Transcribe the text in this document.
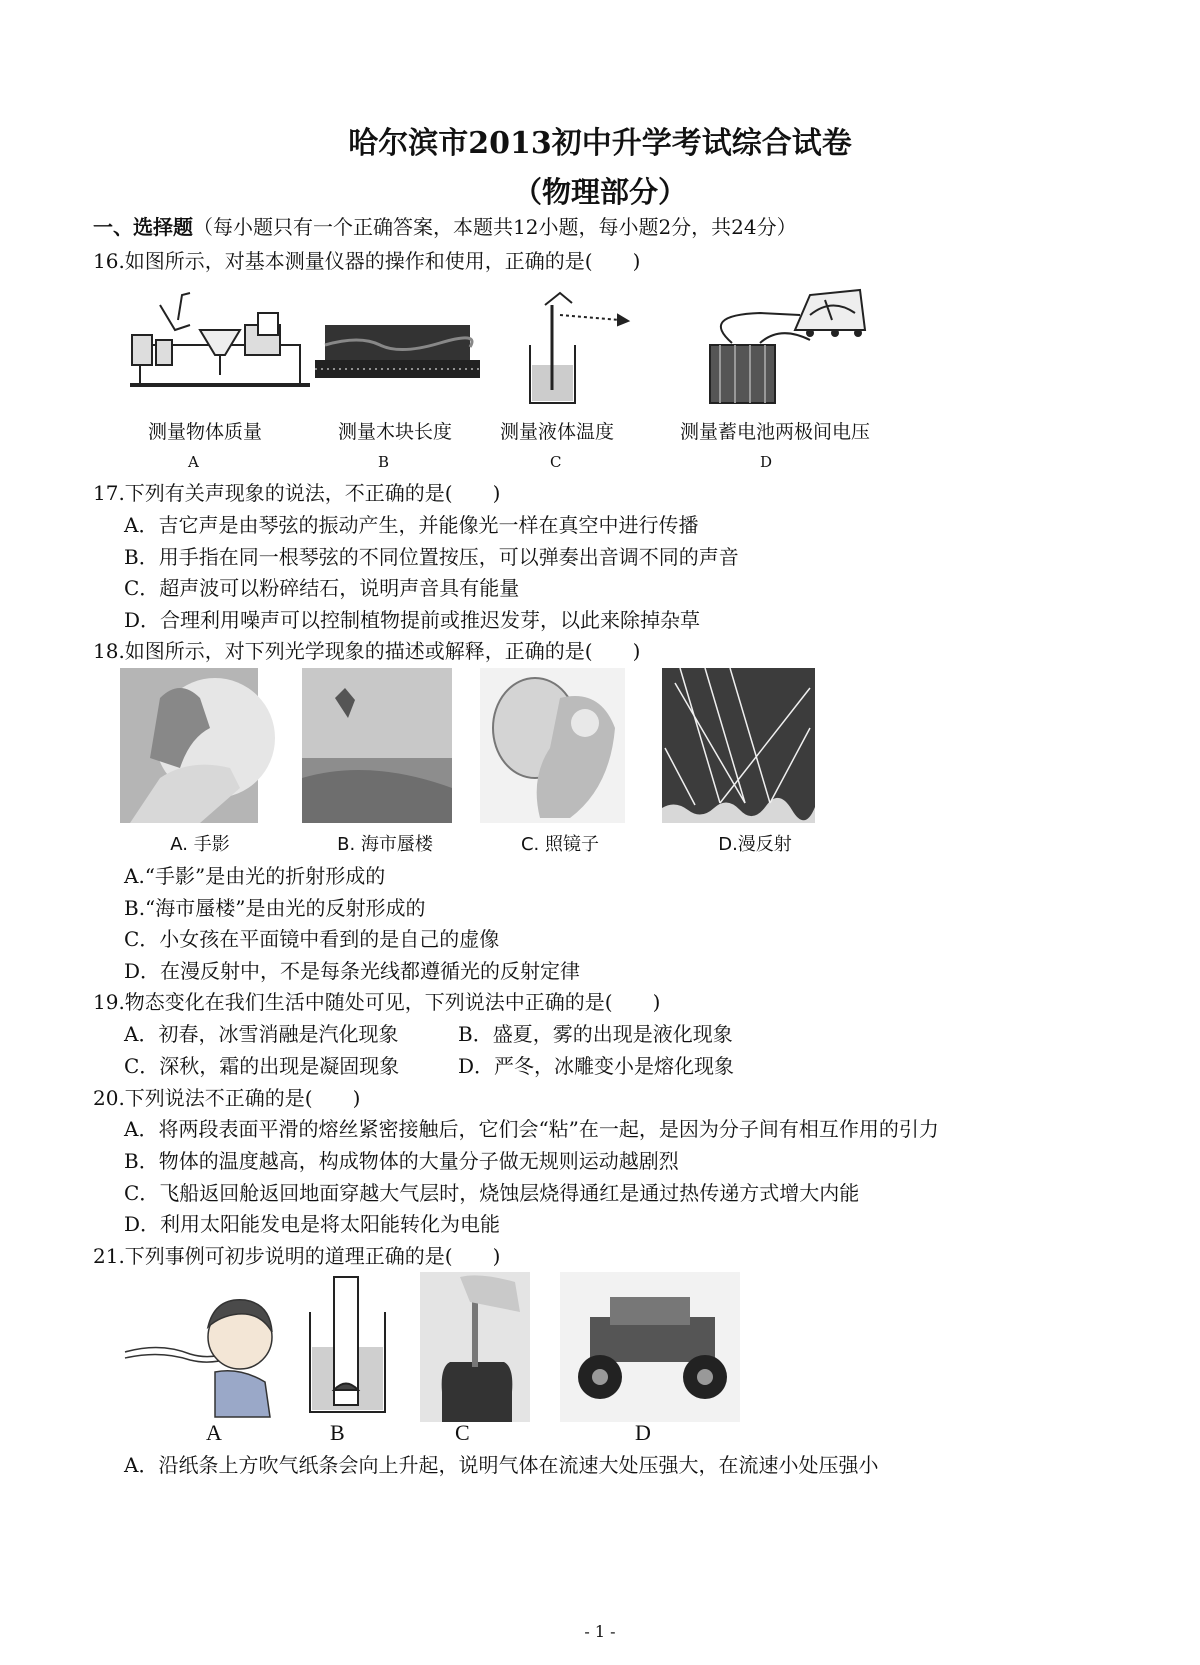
哈尔滨市2013初中升学考试综合试卷
（物理部分）
一、选择题（每小题只有一个正确答案，本题共12小题，每小题2分，共24分）
16.如图所示，对基本测量仪器的操作和使用，正确的是(　　)
测量物体质量	测量木块长度	测量液体温度	测量蓄电池两极间电压
A	B	C	D
17.下列有关声现象的说法，不正确的是(　　)
A．吉它声是由琴弦的振动产生，并能像光一样在真空中进行传播
B．用手指在同一根琴弦的不同位置按压，可以弹奏出音调不同的声音
C．超声波可以粉碎结石，说明声音具有能量
D．合理利用噪声可以控制植物提前或推迟发芽，以此来除掉杂草
18.如图所示，对下列光学现象的描述或解释，正确的是(　　)
A. 手影	B. 海市蜃楼	C. 照镜子	D.漫反射
A.“手影”是由光的折射形成的
B.“海市蜃楼”是由光的反射形成的
C．小女孩在平面镜中看到的是自己的虚像
D．在漫反射中，不是每条光线都遵循光的反射定律
19.物态变化在我们生活中随处可见，下列说法中正确的是(　　)
A．初春，冰雪消融是汽化现象	B．盛夏，雾的出现是液化现象
C．深秋，霜的出现是凝固现象	D．严冬，冰雕变小是熔化现象
20.下列说法不正确的是(　　)
A．将两段表面平滑的熔丝紧密接触后，它们会“粘”在一起，是因为分子间有相互作用的引力
B．物体的温度越高，构成物体的大量分子做无规则运动越剧烈
C．飞船返回舱返回地面穿越大气层时，烧蚀层烧得通红是通过热传递方式增大内能
D．利用太阳能发电是将太阳能转化为电能
21.下列事例可初步说明的道理正确的是(　　)
A	B	C	D
A．沿纸条上方吹气纸条会向上升起，说明气体在流速大处压强大，在流速小处压强小
- 1 -
